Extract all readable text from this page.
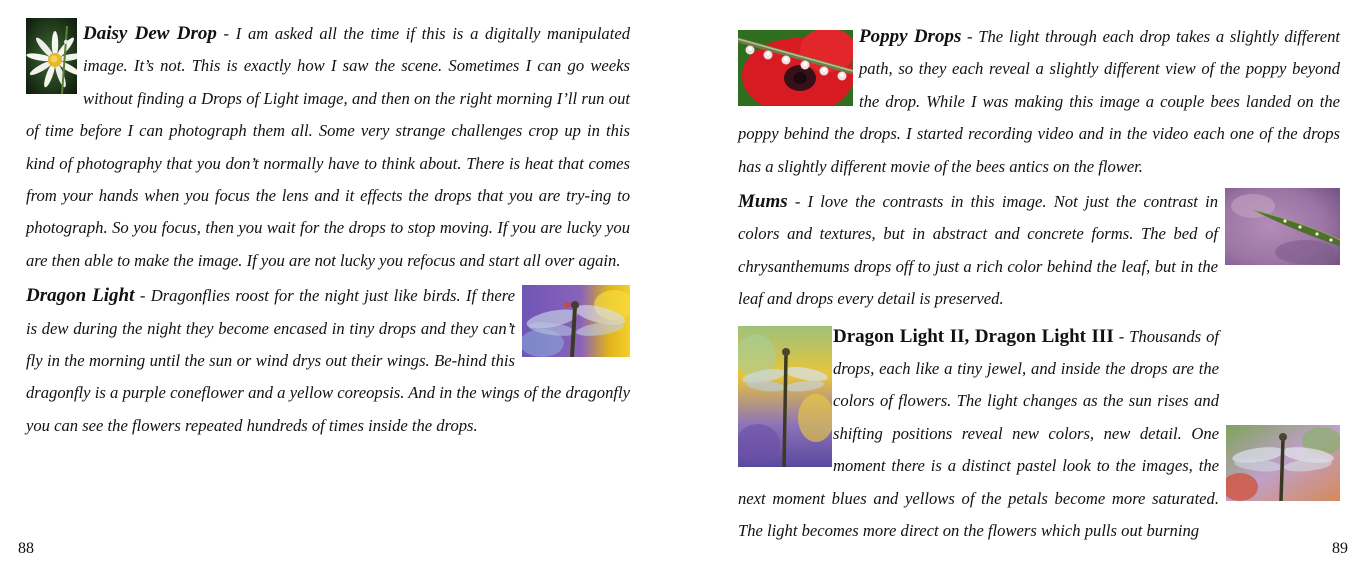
Daisy Dew Drop - I am asked all the time if this is a digitally manipulated image. It’s not. This is exactly how I saw the scene. Sometimes I can go weeks without finding a Drops of Light image, and then on the right morning I’ll run out of time before I can photograph them all. Some very strange challenges crop up in this kind of photography that you don’t normally have to think about. There is heat that comes from your hands when you focus the lens and it effects the drops that you are try-ing to photograph. So you focus, then you wait for the drops to stop moving. If you are lucky you are then able to make the image. If you are not lucky you refocus and start all over again.

Dragon Light - Dragonflies roost for the night just like birds. If there is dew during the night they become encased in tiny drops and they can’t fly in the morning until the sun or wind drys out their wings. Be-hind this dragonfly is a purple coneflower and a yellow coreopsis. And in the wings of the dragonfly you can see the flowers repeated hundreds of times inside the drops.

88

Poppy Drops - The light through each drop takes a slightly different path, so they each reveal a slightly different view of the poppy beyond the drop. While I was making this image a couple bees landed on the poppy behind the drops. I started recording video and in the video each one of the drops has a slightly different movie of the bees antics on the flower.

Mums - I love the contrasts in this image. Not just the contrast in colors and textures, but in abstract and concrete forms. The bed of chrysanthemums drops off to just a rich color behind the leaf, but in the leaf and drops every detail is preserved.

Dragon Light II, Dragon Light III - Thousands of drops, each like a tiny jewel, and inside the drops are the colors of flowers. The light changes as the sun rises and shifting positions reveal new colors, new detail. One moment there is a distinct pastel look to the images, the next moment blues and yellows of the petals become more saturated. The light becomes more direct on the flowers which pulls out burning

89
